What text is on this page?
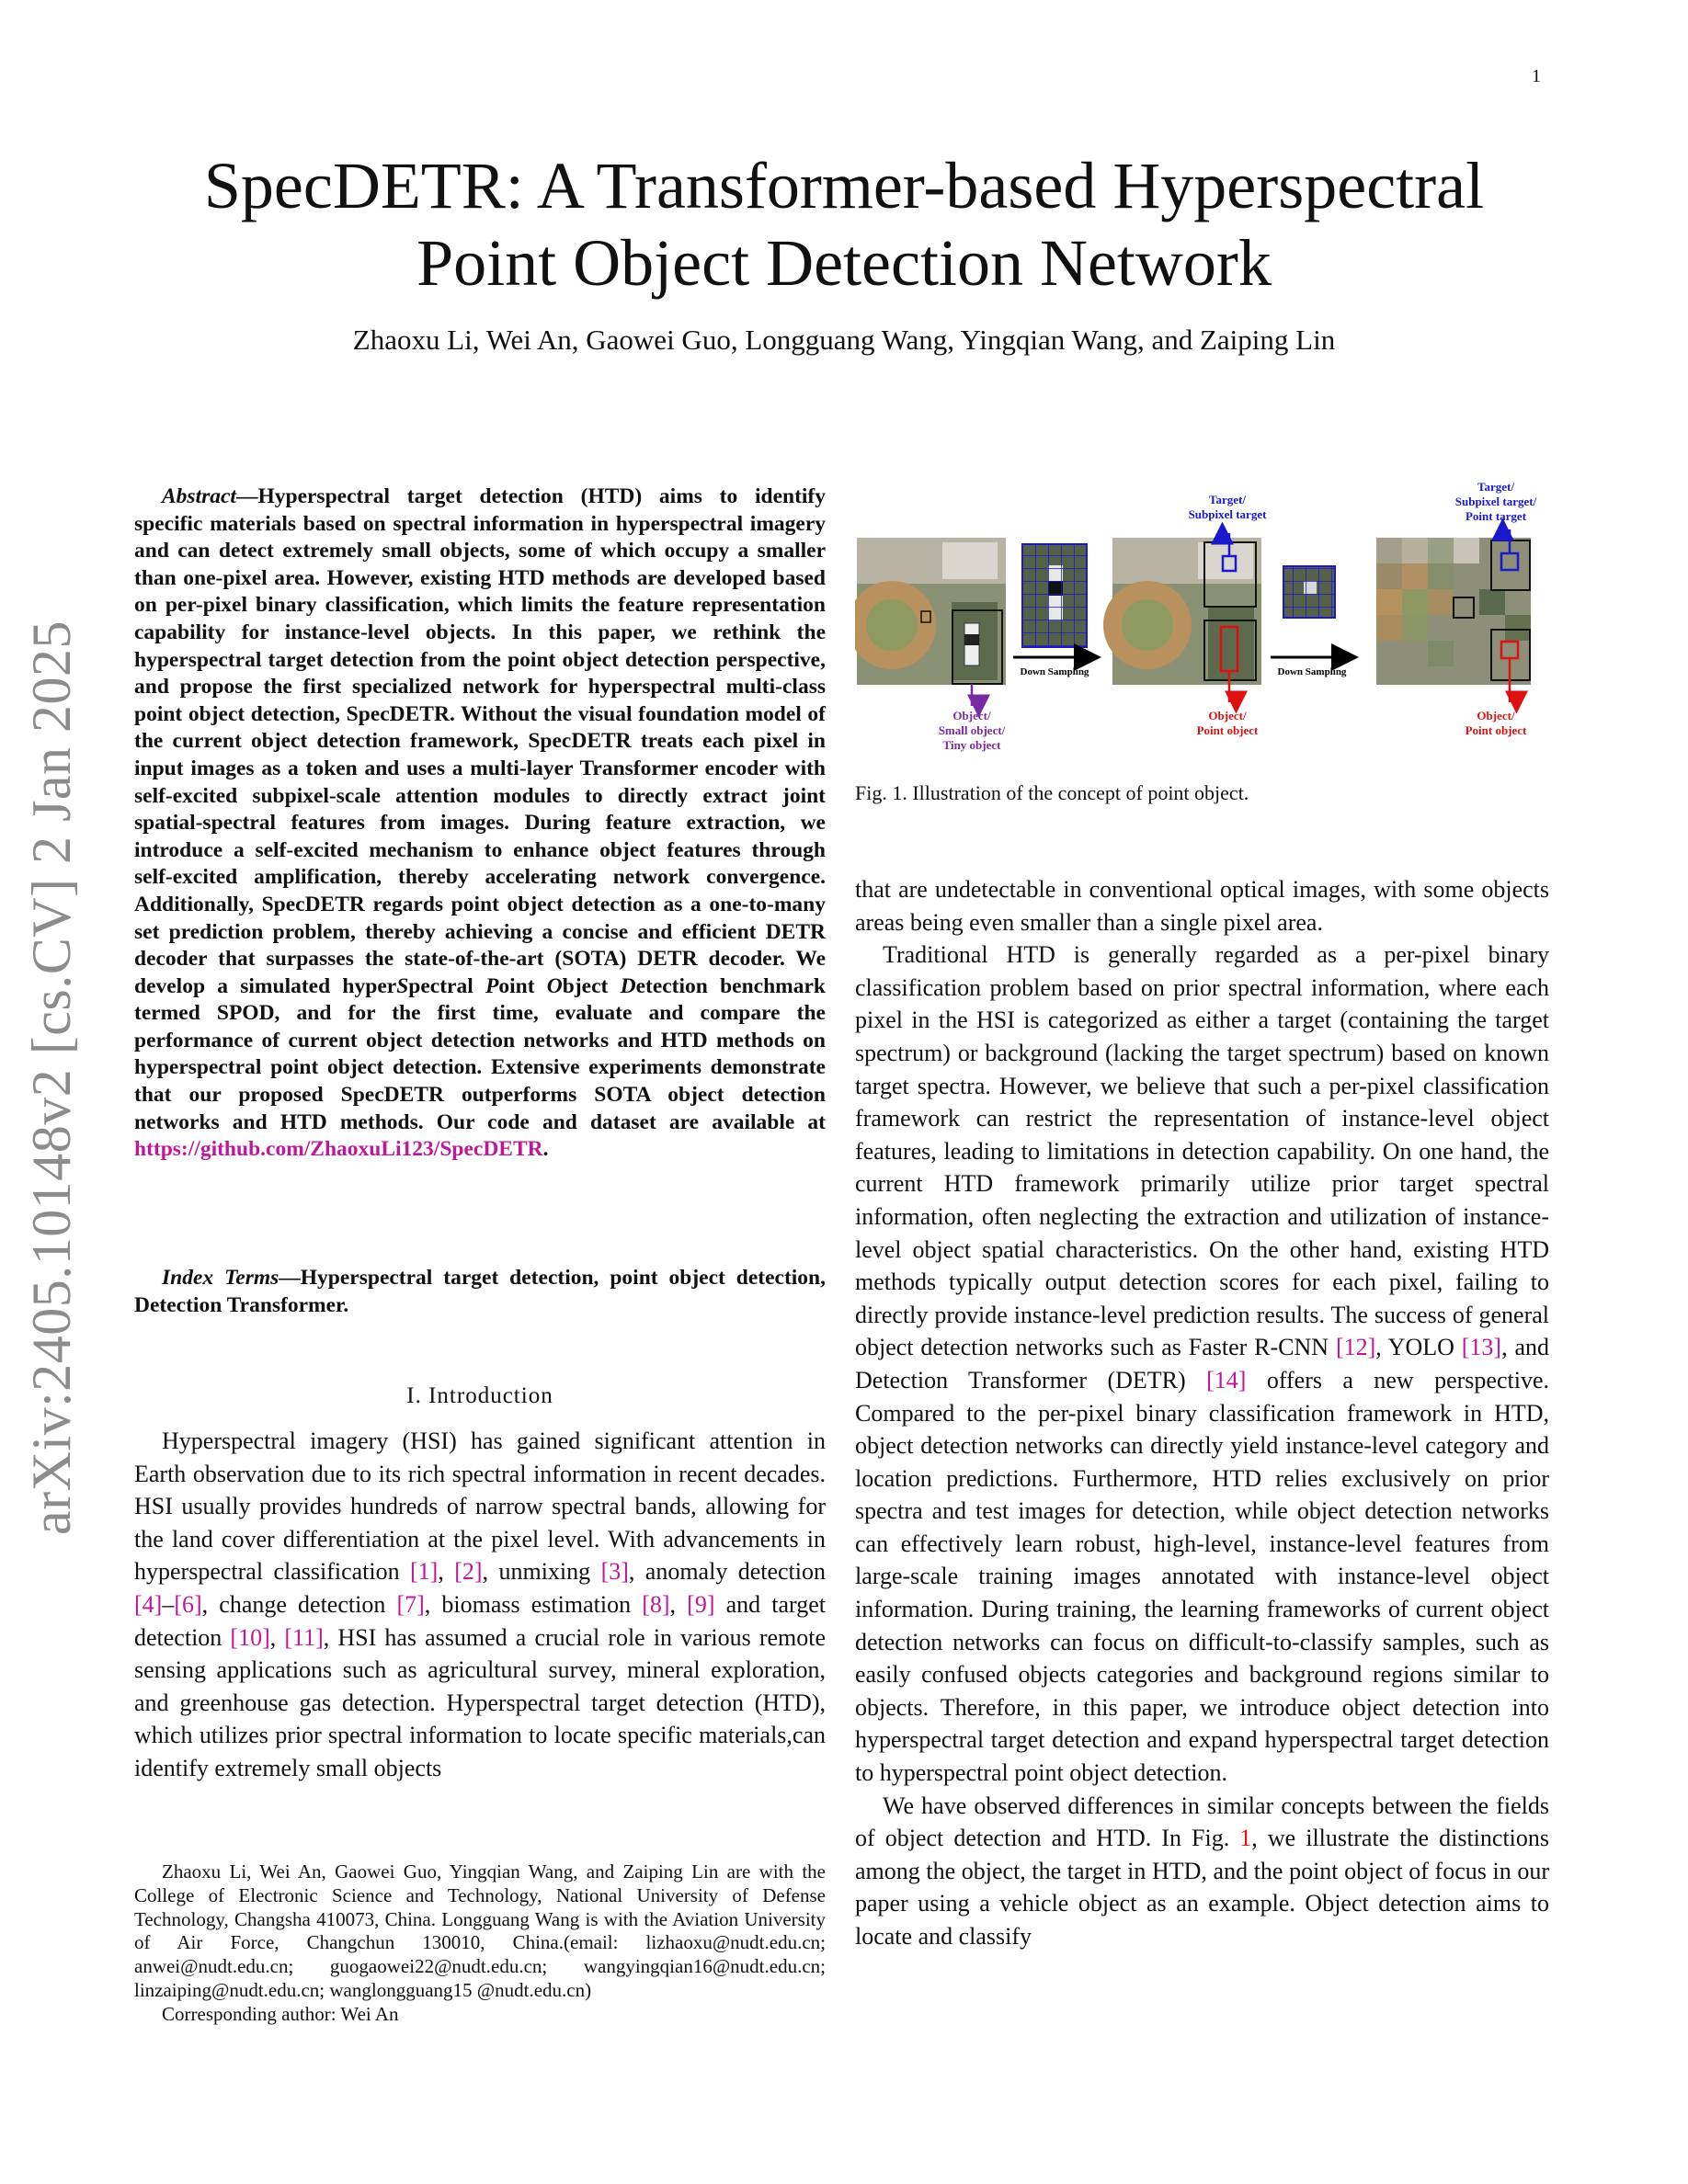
1
SpecDETR: A Transformer-based Hyperspectral
Point Object Detection Network
Zhaoxu Li, Wei An, Gaowei Guo, Longguang Wang, Yingqian Wang, and Zaiping Lin
arXiv:2405.10148v2 [cs.CV] 2 Jan 2025
Abstract—Hyperspectral target detection (HTD) aims to identify specific materials based on spectral information in hyperspectral imagery and can detect extremely small objects, some of which occupy a smaller than one-pixel area. However, existing HTD methods are developed based on per-pixel binary classification, which limits the feature representation capability for instance-level objects. In this paper, we rethink the hyperspectral target detection from the point object detection perspective, and propose the first specialized network for hyperspectral multi-class point object detection, SpecDETR. Without the visual foundation model of the current object detection framework, SpecDETR treats each pixel in input images as a token and uses a multi-layer Transformer encoder with self-excited subpixel-scale attention modules to directly extract joint spatial-spectral features from images. During feature extraction, we introduce a self-excited mechanism to enhance object features through self-excited amplification, thereby accelerating network convergence. Additionally, SpecDETR regards point object detection as a one-to-many set prediction problem, thereby achieving a concise and efficient DETR decoder that surpasses the state-of-the-art (SOTA) DETR decoder. We develop a simulated hyperSpectral Point Object Detection benchmark termed SPOD, and for the first time, evaluate and compare the performance of current object detection networks and HTD methods on hyperspectral point object detection. Extensive experiments demonstrate that our proposed SpecDETR outperforms SOTA object detection networks and HTD methods. Our code and dataset are available at https://github.com/ZhaoxuLi123/SpecDETR.
Index Terms—Hyperspectral target detection, point object detection, Detection Transformer.
I. Introduction
Hyperspectral imagery (HSI) has gained significant attention in Earth observation due to its rich spectral information in recent decades. HSI usually provides hundreds of narrow spectral bands, allowing for the land cover differentiation at the pixel level. With advancements in hyperspectral classification [1], [2], unmixing [3], anomaly detection [4]–[6], change detection [7], biomass estimation [8], [9] and target detection [10], [11], HSI has assumed a crucial role in various remote sensing applications such as agricultural survey, mineral exploration, and greenhouse gas detection. Hyperspectral target detection (HTD), which utilizes prior spectral information to locate specific materials,can identify extremely small objects

Zhaoxu Li, Wei An, Gaowei Guo, Yingqian Wang, and Zaiping Lin are with the College of Electronic Science and Technology, National University of Defense Technology, Changsha 410073, China. Longguang Wang is with the Aviation University of Air Force, Changchun 130010, China.(email: lizhaoxu@nudt.edu.cn; anwei@nudt.edu.cn; guogaowei22@nudt.edu.cn; wangyingqian16@nudt.edu.cn; linzaiping@nudt.edu.cn; wanglongguang15 @nudt.edu.cn)

Corresponding author: Wei An

Down Sampling	Down Sampling
Object/
Small object/
Tiny object
Target/
Subpixel target
Object/
Point object
Target/
Subpixel target/
Point target
Object/
Point object
Fig. 1. Illustration of the concept of point object.

that are undetectable in conventional optical images, with some objects areas being even smaller than a single pixel area.

Traditional HTD is generally regarded as a per-pixel binary classification problem based on prior spectral information, where each pixel in the HSI is categorized as either a target (containing the target spectrum) or background (lacking the target spectrum) based on known target spectra. However, we believe that such a per-pixel classification framework can restrict the representation of instance-level object features, leading to limitations in detection capability. On one hand, the current HTD framework primarily utilize prior target spectral information, often neglecting the extraction and utilization of instance-level object spatial characteristics. On the other hand, existing HTD methods typically output detection scores for each pixel, failing to directly provide instance-level prediction results. The success of general object detection networks such as Faster R-CNN [12], YOLO [13], and Detection Transformer (DETR) [14] offers a new perspective. Compared to the per-pixel binary classification framework in HTD, object detection networks can directly yield instance-level category and location predictions. Furthermore, HTD relies exclusively on prior spectra and test images for detection, while object detection networks can effectively learn robust, high-level, instance-level features from large-scale training images annotated with instance-level object information. During training, the learning frameworks of current object detection networks can focus on difficult-to-classify samples, such as easily confused objects categories and background regions similar to objects. Therefore, in this paper, we introduce object detection into hyperspectral target detection and expand hyperspectral target detection to hyperspectral point object detection.

We have observed differences in similar concepts between the fields of object detection and HTD. In Fig. 1, we illustrate the distinctions among the object, the target in HTD, and the point object of focus in our paper using a vehicle object as an example. Object detection aims to locate and classify
